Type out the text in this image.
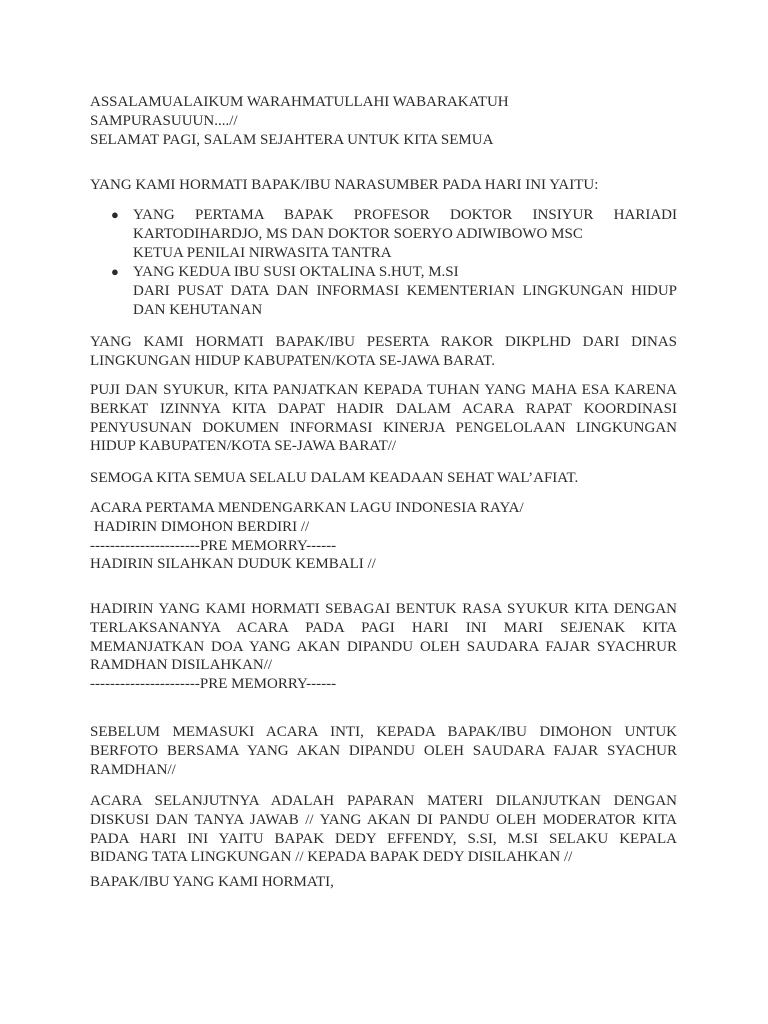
ASSALAMUALAIKUM WARAHMATULLAHI WABARAKATUH
SAMPURASUUUN....//
SELAMAT PAGI, SALAM SEJAHTERA UNTUK KITA SEMUA
YANG KAMI HORMATI BAPAK/IBU NARASUMBER PADA HARI INI YAITU:
● YANG PERTAMA BAPAK PROFESOR DOKTOR INSIYUR HARIADI
KARTODIHARDJO, MS DAN DOKTOR SOERYO ADIWIBOWO MSC
KETUA PENILAI NIRWASITA TANTRA
● YANG KEDUA IBU SUSI OKTALINA S.HUT, M.SI
DARI PUSAT DATA DAN INFORMASI KEMENTERIAN LINGKUNGAN HIDUP
DAN KEHUTANAN
YANG KAMI HORMATI BAPAK/IBU PESERTA RAKOR DIKPLHD DARI DINAS
LINGKUNGAN HIDUP KABUPATEN/KOTA SE-JAWA BARAT.
PUJI DAN SYUKUR, KITA PANJATKAN KEPADA TUHAN YANG MAHA ESA KARENA
BERKAT IZINNYA KITA DAPAT HADIR DALAM ACARA RAPAT KOORDINASI
PENYUSUNAN DOKUMEN INFORMASI KINERJA PENGELOLAAN LINGKUNGAN
HIDUP KABUPATEN/KOTA SE-JAWA BARAT//
SEMOGA KITA SEMUA SELALU DALAM KEADAAN SEHAT WAL’AFIAT.
ACARA PERTAMA MENDENGARKAN LAGU INDONESIA RAYA/
HADIRIN DIMOHON BERDIRI //
----------------------PRE MEMORRY------
HADIRIN SILAHKAN DUDUK KEMBALI //
HADIRIN YANG KAMI HORMATI SEBAGAI BENTUK RASA SYUKUR KITA DENGAN
TERLAKSANANYA ACARA PADA PAGI HARI INI MARI SEJENAK KITA
MEMANJATKAN DOA YANG AKAN DIPANDU OLEH SAUDARA FAJAR SYACHRUR
RAMDHAN DISILAHKAN//
----------------------PRE MEMORRY------
SEBELUM MEMASUKI ACARA INTI, KEPADA BAPAK/IBU DIMOHON UNTUK
BERFOTO BERSAMA YANG AKAN DIPANDU OLEH SAUDARA FAJAR SYACHUR
RAMDHAN//
ACARA SELANJUTNYA ADALAH PAPARAN MATERI DILANJUTKAN DENGAN
DISKUSI DAN TANYA JAWAB // YANG AKAN DI PANDU OLEH MODERATOR KITA
PADA HARI INI YAITU BAPAK DEDY EFFENDY, S.SI, M.SI SELAKU KEPALA
BIDANG TATA LINGKUNGAN // KEPADA BAPAK DEDY DISILAHKAN //
BAPAK/IBU YANG KAMI HORMATI,
